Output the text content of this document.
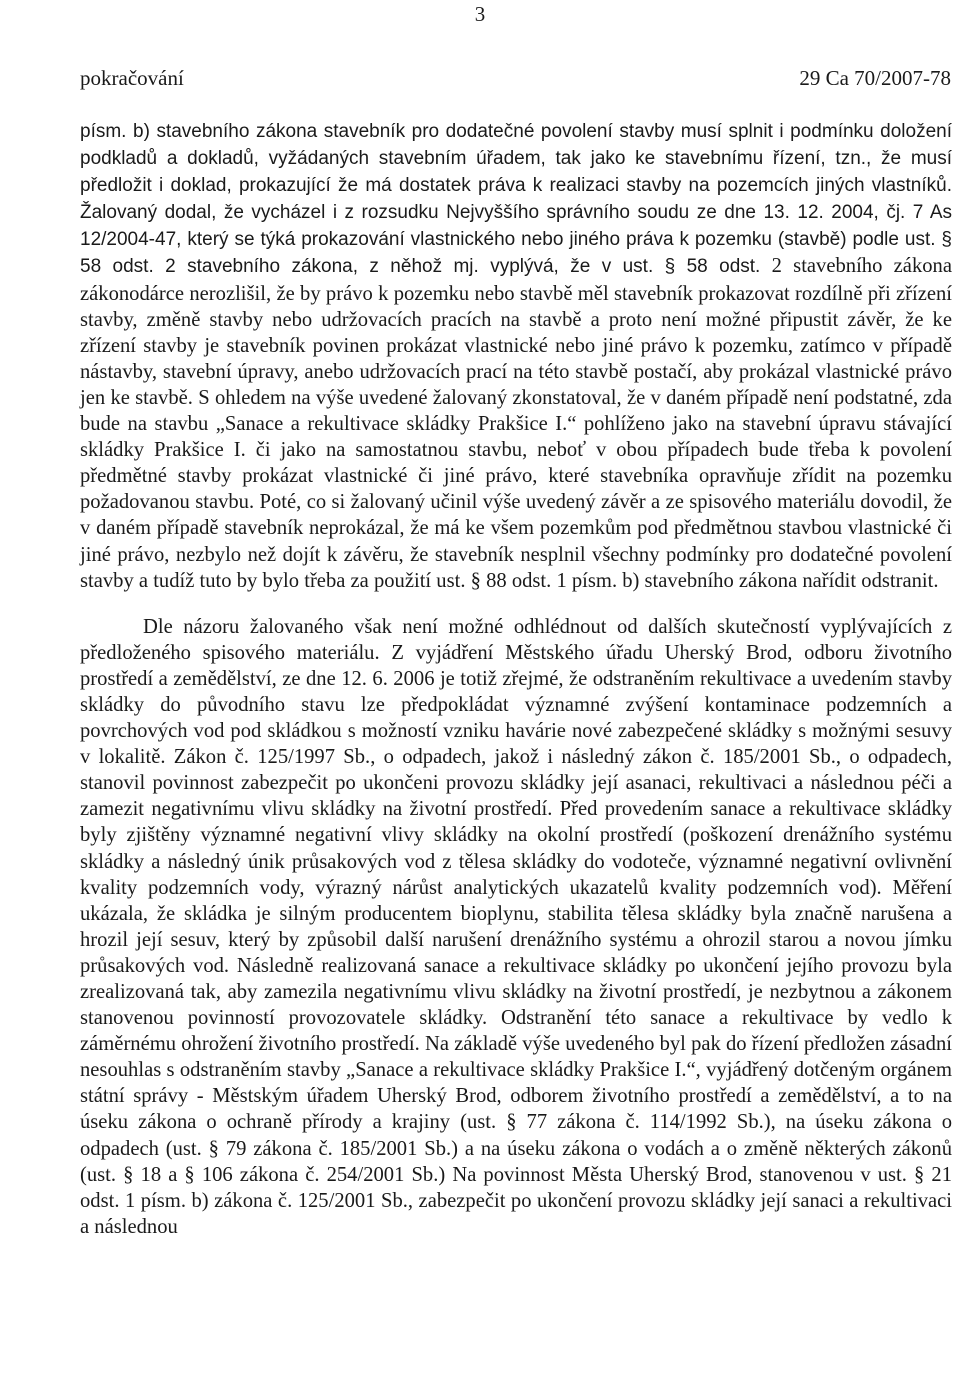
3
pokračování	29 Ca 70/2007-78

písm. b) stavebního zákona stavebník pro dodatečné povolení stavby musí splnit i podmínku doložení podkladů a dokladů, vyžádaných stavebním úřadem, tak jako ke stavebnímu řízení, tzn., že musí předložit i doklad, prokazující že má dostatek práva k realizaci stavby na pozemcích jiných vlastníků. Žalovaný dodal, že vycházel i z rozsudku Nejvyššího správního soudu ze dne 13. 12. 2004, čj. 7 As 12/2004-47, který se týká prokazování vlastnického nebo jiného práva k pozemku (stavbě) podle ust. § 58 odst. 2 stavebního zákona, z něhož mj. vyplývá, že v ust. § 58 odst. 2 stavebního zákona zákonodárce nerozlišil, že by právo k pozemku nebo stavbě měl stavebník prokazovat rozdílně při zřízení stavby, změně stavby nebo udržovacích pracích na stavbě a proto není možné připustit závěr, že ke zřízení stavby je stavebník povinen prokázat vlastnické nebo jiné právo k pozemku, zatímco v případě nástavby, stavební úpravy, anebo udržovacích prací na této stavbě postačí, aby prokázal vlastnické právo jen ke stavbě. S ohledem na výše uvedené žalovaný zkonstatoval, že v daném případě není podstatné, zda bude na stavbu „Sanace a rekultivace skládky Prakšice I.“ pohlíženo jako na stavební úpravu stávající skládky Prakšice I. či jako na samostatnou stavbu, neboť v obou případech bude třeba k povolení předmětné stavby prokázat vlastnické či jiné právo, které stavebníka opravňuje zřídit na pozemku požadovanou stavbu. Poté, co si žalovaný učinil výše uvedený závěr a ze spisového materiálu dovodil, že v daném případě stavebník neprokázal, že má ke všem pozemkům pod předmětnou stavbou vlastnické či jiné právo, nezbylo než dojít k závěru, že stavebník nesplnil všechny podmínky pro dodatečné povolení stavby a tudíž tuto by bylo třeba za použití ust. § 88 odst. 1 písm. b) stavebního zákona nařídit odstranit.

Dle názoru žalovaného však není možné odhlédnout od dalších skutečností vyplývajících z předloženého spisového materiálu. Z vyjádření Městského úřadu Uherský Brod, odboru životního prostředí a zemědělství, ze dne 12. 6. 2006 je totiž zřejmé, že odstraněním rekultivace a uvedením stavby skládky do původního stavu lze předpokládat významné zvýšení kontaminace podzemních a povrchových vod pod skládkou s možností vzniku havárie nové zabezpečené skládky s možnými sesuvy v lokalitě. Zákon č. 125/1997 Sb., o odpadech, jakož i následný zákon č. 185/2001 Sb., o odpadech, stanovil povinnost zabezpečit po ukončeni provozu skládky její asanaci, rekultivaci a následnou péči a zamezit negativnímu vlivu skládky na životní prostředí. Před provedením sanace a rekultivace skládky byly zjištěny významné negativní vlivy skládky na okolní prostředí (poškození drenážního systému skládky a následný únik průsakových vod z tělesa skládky do vodoteče, významné negativní ovlivnění kvality podzemních vody, výrazný nárůst analytických ukazatelů kvality podzemních vod). Měření ukázala, že skládka je silným producentem bioplynu, stabilita tělesa skládky byla značně narušena a hrozil její sesuv, který by způsobil další narušení drenážního systému a ohrozil starou a novou jímku průsakových vod. Následně realizovaná sanace a rekultivace skládky po ukončení jejího provozu byla zrealizovaná tak, aby zamezila negativnímu vlivu skládky na životní prostředí, je nezbytnou a zákonem stanovenou povinností provozovatele skládky. Odstranění této sanace a rekultivace by vedlo k záměrnému ohrožení životního prostředí. Na základě výše uvedeného byl pak do řízení předložen zásadní nesouhlas s odstraněním stavby „Sanace a rekultivace skládky Prakšice I.“, vyjádřený dotčeným orgánem státní správy - Městským úřadem Uherský Brod, odborem životního prostředí a zemědělství, a to na úseku zákona o ochraně přírody a krajiny (ust. § 77 zákona č. 114/1992 Sb.), na úseku zákona o odpadech (ust. § 79 zákona č. 185/2001 Sb.) a na úseku zákona o vodách a o změně některých zákonů (ust. § 18 a § 106 zákona č. 254/2001 Sb.) Na povinnost Města Uherský Brod, stanovenou v ust. § 21 odst. 1 písm. b) zákona č. 125/2001 Sb., zabezpečit po ukončení provozu skládky její sanaci a rekultivaci a následnou
